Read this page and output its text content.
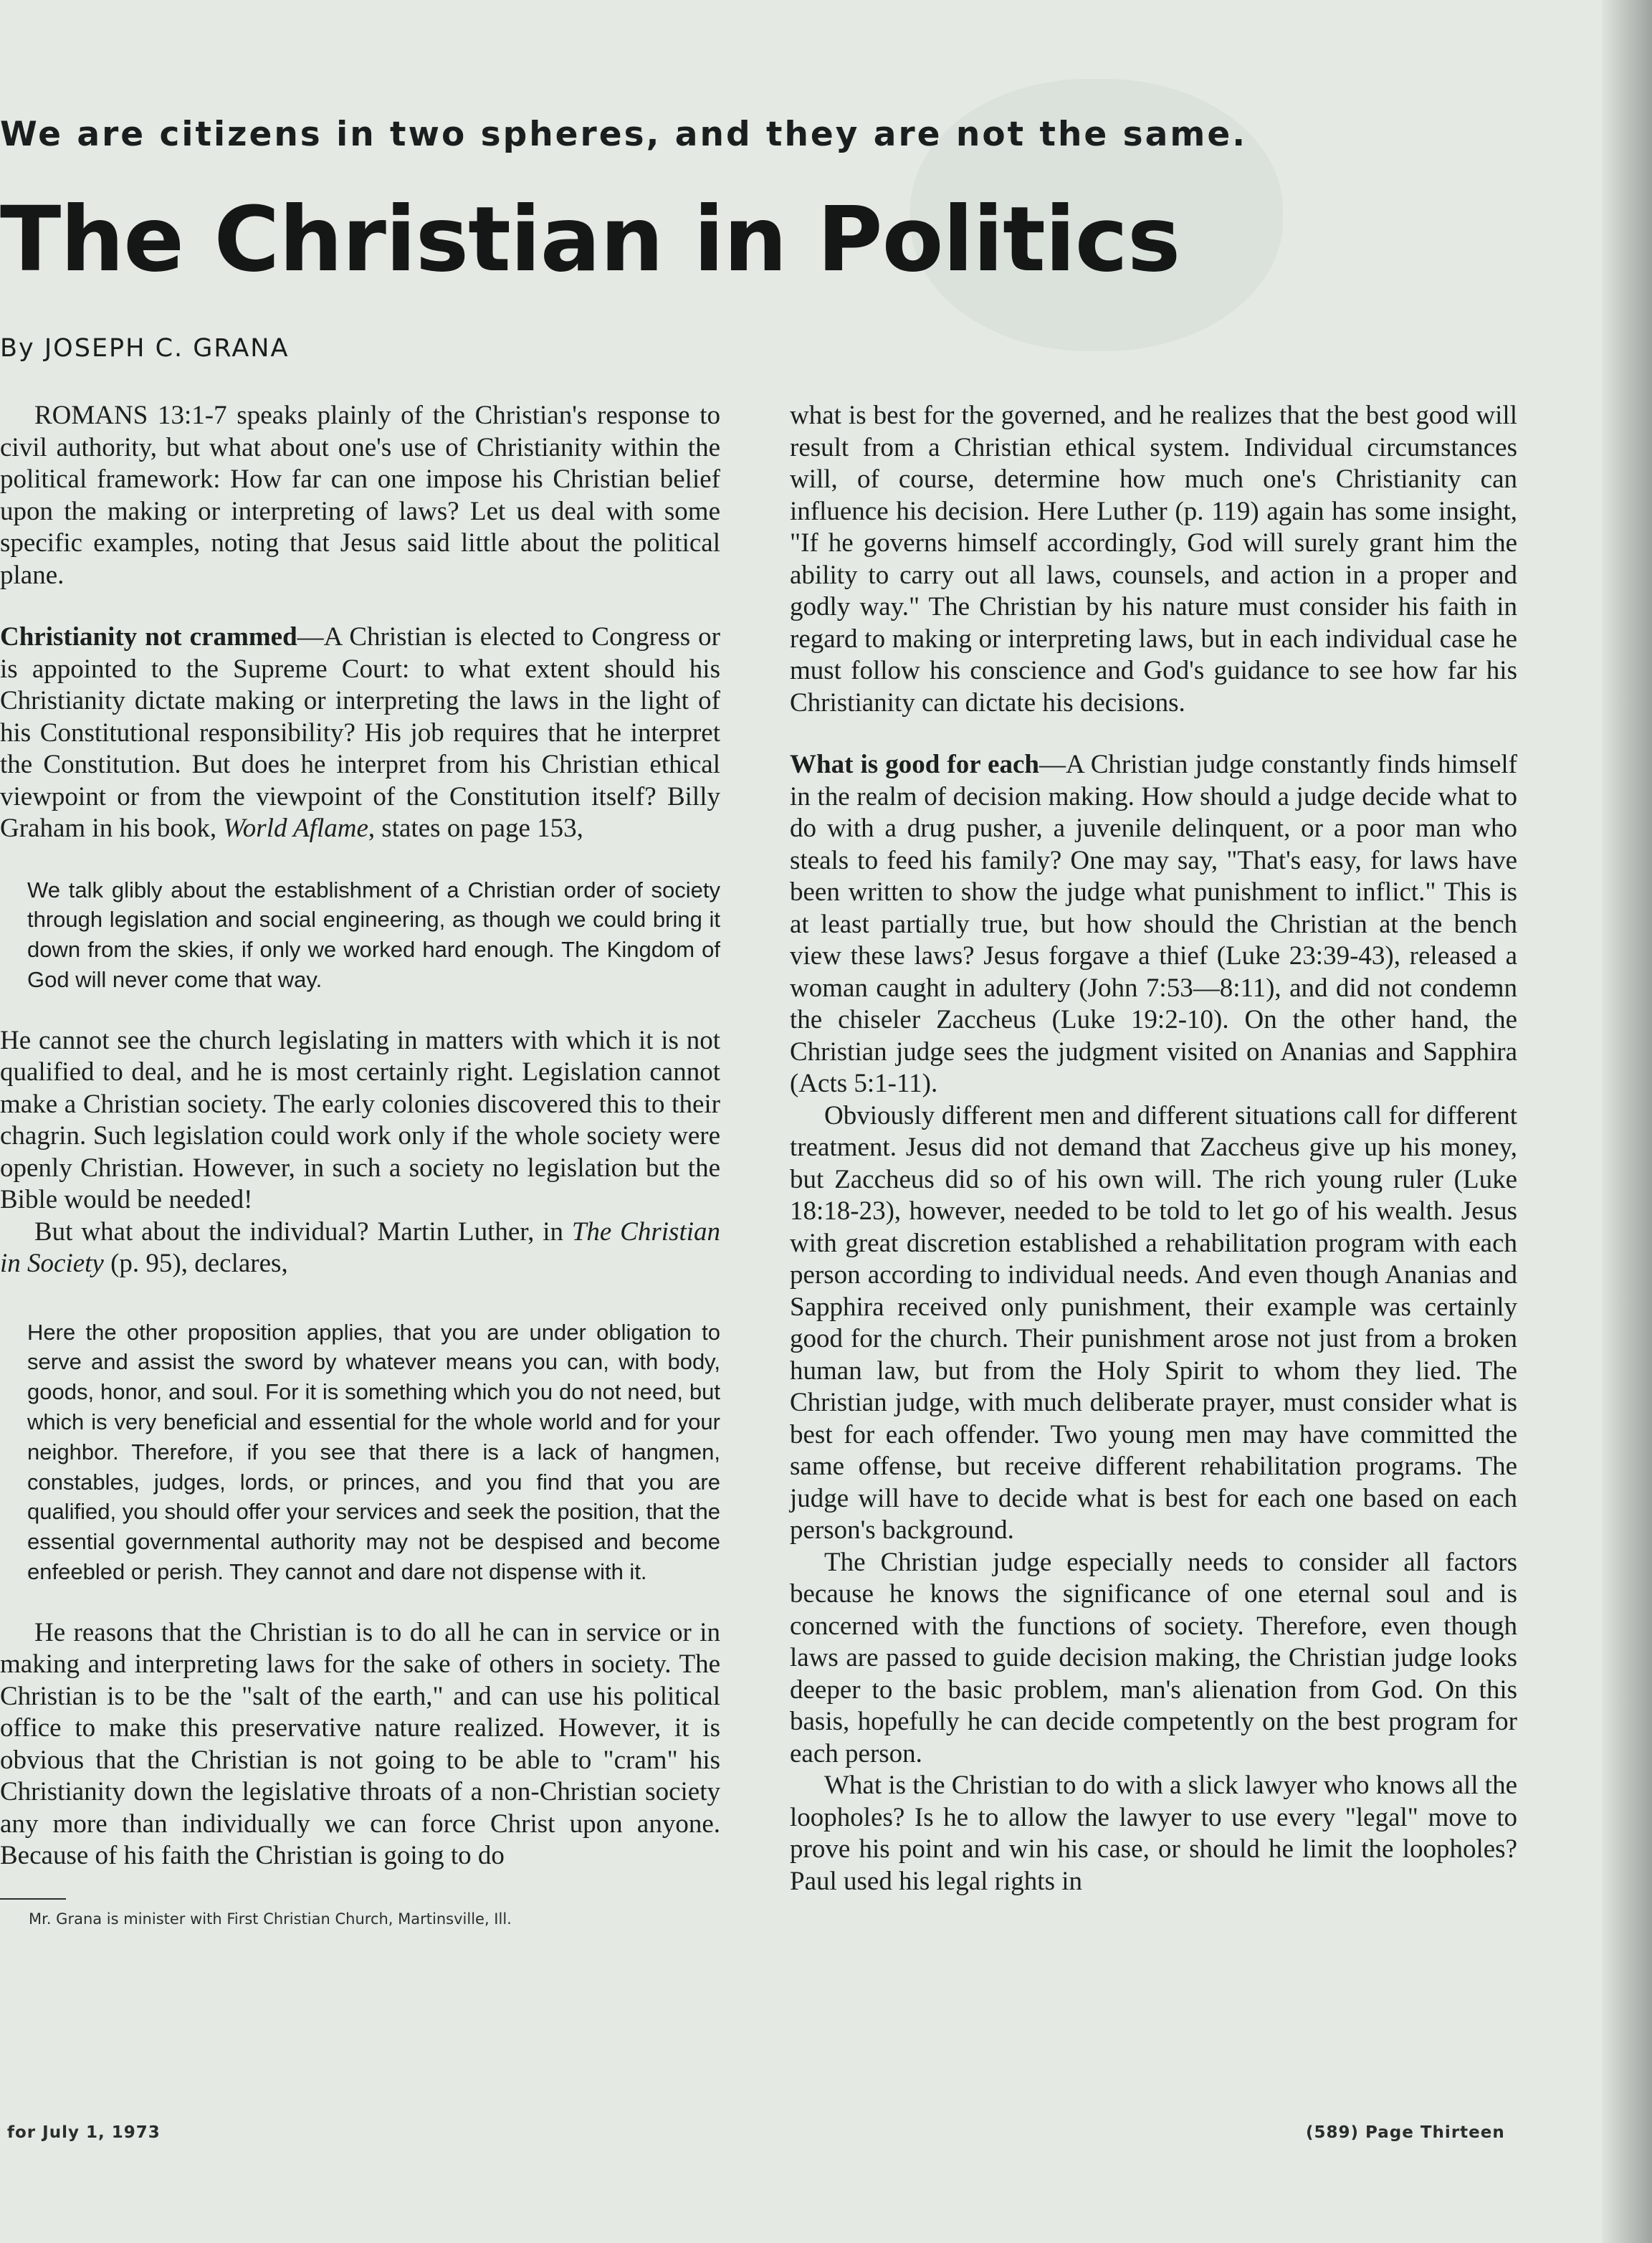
We are citizens in two spheres, and they are not the same.
The Christian in Politics
By JOSEPH C. GRANA

ROMANS 13:1-7 speaks plainly of the Christian's response to civil authority, but what about one's use of Christianity within the political framework: How far can one impose his Christian belief upon the making or interpreting of laws? Let us deal with some specific examples, noting that Jesus said little about the political plane.

Christianity not crammed—A Christian is elected to Congress or is appointed to the Supreme Court: to what extent should his Christianity dictate making or interpreting the laws in the light of his Constitutional responsibility? His job requires that he interpret the Constitution. But does he interpret from his Christian ethical viewpoint or from the viewpoint of the Constitution itself? Billy Graham in his book, World Aflame, states on page 153,

We talk glibly about the establishment of a Christian order of society through legislation and social engineering, as though we could bring it down from the skies, if only we worked hard enough. The Kingdom of God will never come that way.

He cannot see the church legislating in matters with which it is not qualified to deal, and he is most certainly right. Legislation cannot make a Christian society. The early colonies discovered this to their chagrin. Such legislation could work only if the whole society were openly Christian. However, in such a society no legislation but the Bible would be needed!

But what about the individual? Martin Luther, in The Christian in Society (p. 95), declares,

Here the other proposition applies, that you are under obligation to serve and assist the sword by whatever means you can, with body, goods, honor, and soul. For it is something which you do not need, but which is very beneficial and essential for the whole world and for your neighbor. Therefore, if you see that there is a lack of hangmen, constables, judges, lords, or princes, and you find that you are qualified, you should offer your services and seek the position, that the essential governmental authority may not be despised and become enfeebled or perish. They cannot and dare not dispense with it.

He reasons that the Christian is to do all he can in service or in making and interpreting laws for the sake of others in society. The Christian is to be the "salt of the earth," and can use his political office to make this preservative nature realized. However, it is obvious that the Christian is not going to be able to "cram" his Christianity down the legislative throats of a non-Christian society any more than individually we can force Christ upon anyone. Because of his faith the Christian is going to do

Mr. Grana is minister with First Christian Church, Martinsville, Ill.

what is best for the governed, and he realizes that the best good will result from a Christian ethical system. Individual circumstances will, of course, determine how much one's Christianity can influence his decision. Here Luther (p. 119) again has some insight, "If he governs himself accordingly, God will surely grant him the ability to carry out all laws, counsels, and action in a proper and godly way." The Christian by his nature must consider his faith in regard to making or interpreting laws, but in each individual case he must follow his conscience and God's guidance to see how far his Christianity can dictate his decisions.

What is good for each—A Christian judge constantly finds himself in the realm of decision making. How should a judge decide what to do with a drug pusher, a juvenile delinquent, or a poor man who steals to feed his family? One may say, "That's easy, for laws have been written to show the judge what punishment to inflict." This is at least partially true, but how should the Christian at the bench view these laws? Jesus forgave a thief (Luke 23:39-43), released a woman caught in adultery (John 7:53—8:11), and did not condemn the chiseler Zaccheus (Luke 19:2-10). On the other hand, the Christian judge sees the judgment visited on Ananias and Sapphira (Acts 5:1-11).

Obviously different men and different situations call for different treatment. Jesus did not demand that Zaccheus give up his money, but Zaccheus did so of his own will. The rich young ruler (Luke 18:18-23), however, needed to be told to let go of his wealth. Jesus with great discretion established a rehabilitation program with each person according to individual needs. And even though Ananias and Sapphira received only punishment, their example was certainly good for the church. Their punishment arose not just from a broken human law, but from the Holy Spirit to whom they lied. The Christian judge, with much deliberate prayer, must consider what is best for each offender. Two young men may have committed the same offense, but receive different rehabilitation programs. The judge will have to decide what is best for each one based on each person's background.

The Christian judge especially needs to consider all factors because he knows the significance of one eternal soul and is concerned with the functions of society. Therefore, even though laws are passed to guide decision making, the Christian judge looks deeper to the basic problem, man's alienation from God. On this basis, hopefully he can decide competently on the best program for each person.

What is the Christian to do with a slick lawyer who knows all the loopholes? Is he to allow the lawyer to use every "legal" move to prove his point and win his case, or should he limit the loopholes? Paul used his legal rights in

for July 1, 1973	(589) Page Thirteen
